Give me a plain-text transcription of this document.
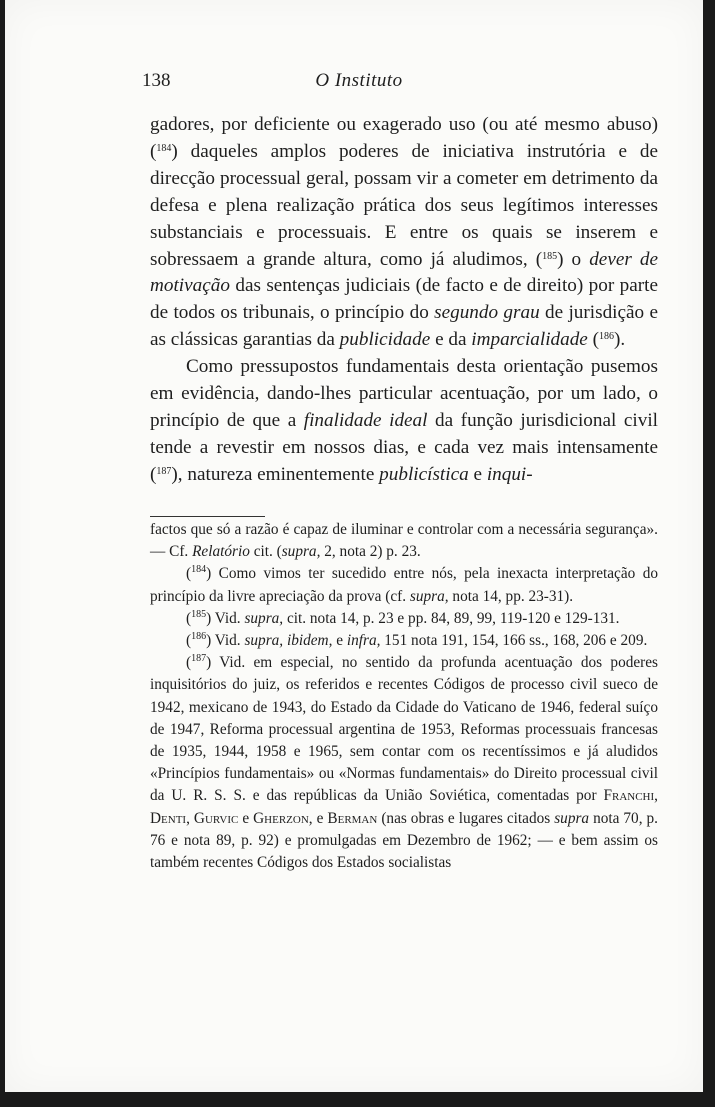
138	O Instituto

gadores, por deficiente ou exagerado uso (ou até mesmo abuso) ($^{184}$) daqueles amplos poderes de iniciativa instrutória e de direcção processual geral, possam vir a cometer em detrimento da defesa e plena realização prática dos seus legítimos interesses substanciais e processuais. E entre os quais se inserem e sobressaem a grande altura, como já aludimos, ($^{185}$) o dever de motivação das sentenças judiciais (de facto e de direito) por parte de todos os tribunais, o princípio do segundo grau de jurisdição e as clássicas garantias da publicidade e da imparcialidade ($^{186}$).

Como pressupostos fundamentais desta orientação pusemos em evidência, dando-lhes particular acentuação, por um lado, o princípio de que a finalidade ideal da função jurisdicional civil tende a revestir em nossos dias, e cada vez mais intensamente ($^{187}$), natureza eminentemente publicística e inqui-

factos que só a razão é capaz de iluminar e controlar com a necessária segurança». — Cf. Relatório cit. (supra, 2, nota 2) p. 23.

($^{184}$) Como vimos ter sucedido entre nós, pela inexacta interpretação do princípio da livre apreciação da prova (cf. supra, nota 14, pp. 23-31).

($^{185}$) Vid. supra, cit. nota 14, p. 23 e pp. 84, 89, 99, 119-120 e 129-131.

($^{186}$) Vid. supra, ibidem, e infra, 151 nota 191, 154, 166 ss., 168, 206 e 209.

($^{187}$) Vid. em especial, no sentido da profunda acentuação dos poderes inquisitórios do juiz, os referidos e recentes Códigos de processo civil sueco de 1942, mexicano de 1943, do Estado da Cidade do Vaticano de 1946, federal suíço de 1947, Reforma processual argentina de 1953, Reformas processuais francesas de 1935, 1944, 1958 e 1965, sem contar com os recentíssimos e já aludidos «Princípios fundamentais» ou «Normas fundamentais» do Direito processual civil da U. R. S. S. e das repúblicas da União Soviética, comentadas por Franchi, Denti, Gurvic e Gherzon, e Berman (nas obras e lugares citados supra nota 70, p. 76 e nota 89, p. 92) e promulgadas em Dezembro de 1962; — e bem assim os também recentes Códigos dos Estados socialistas
